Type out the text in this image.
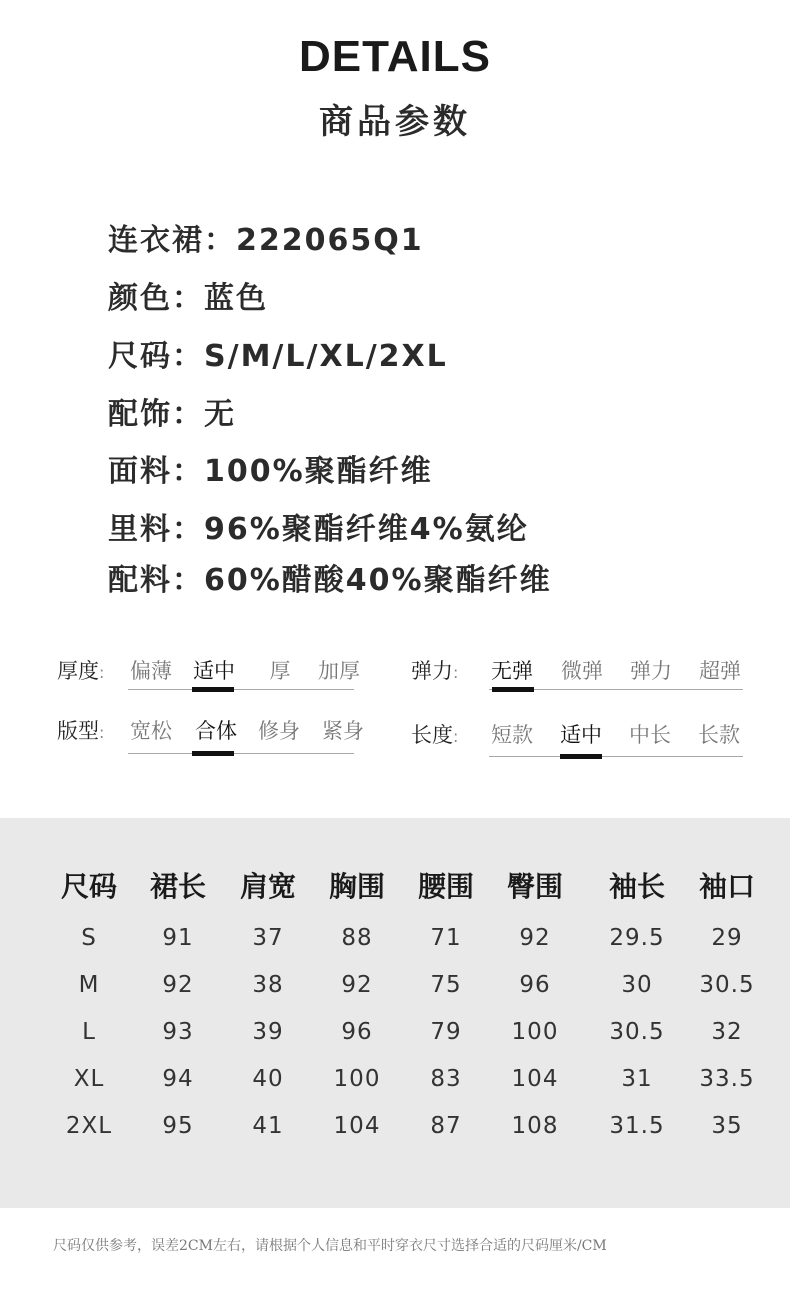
DETAILS
商品参数
连衣裙：222065Q1
颜色：蓝色
尺码：S/M/L/XL/2XL
配饰：无
面料：100%聚酯纤维
里料：96%聚酯纤维4%氨纶
配料：60%醋酸40%聚酯纤维
厚度:	偏薄	适中	厚	加厚	弹力:	无弹	微弹	弹力	超弹
版型:	宽松	合体	修身	紧身	长度:	短款	适中	中长	长款
尺码	裙长	肩宽	胸围	腰围	臀围	袖长	袖口
S	91	37	88	71	92	29.5	29
M	92	38	92	75	96	30	30.5
L	93	39	96	79	100	30.5	32
XL	94	40	100	83	104	31	33.5
2XL	95	41	104	87	108	31.5	35
尺码仅供参考，误差2CM左右，请根据个人信息和平时穿衣尺寸选择合适的尺码厘米/CM
